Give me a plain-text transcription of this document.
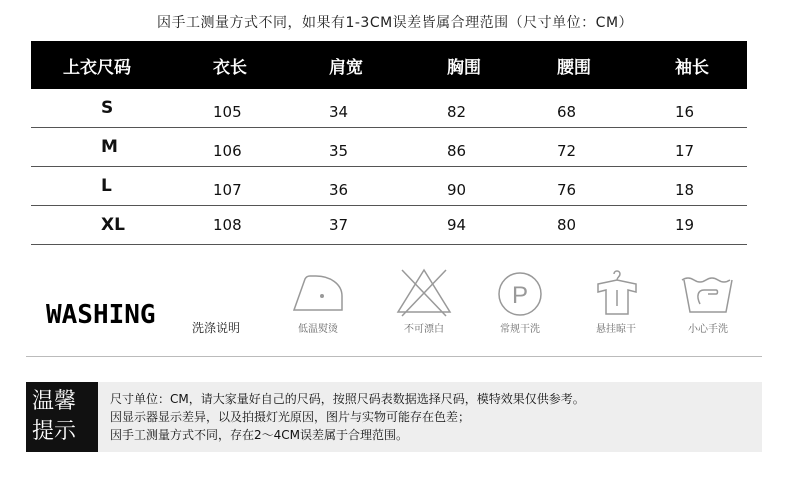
因手工测量方式不同，如果有1-3CM误差皆属合理范围（尺寸单位：CM）
上衣尺码	衣长	肩宽	胸围	腰围	袖长
S	105	34	82	68	16
M	106	35	86	72	17
L	107	36	90	76	18
XL	108	37	94	80	19
WASHING	洗涤说明	低温熨烫	不可漂白
P
常规干洗	悬挂晾干	小心手洗
温馨
提示
尺寸单位：CM，请大家量好自己的尺码，按照尺码表数据选择尺码，模特效果仅供参考。
因显示器显示差异，以及拍摄灯光原因，图片与实物可能存在色差；
因手工测量方式不同，存在2～4CM误差属于合理范围。
